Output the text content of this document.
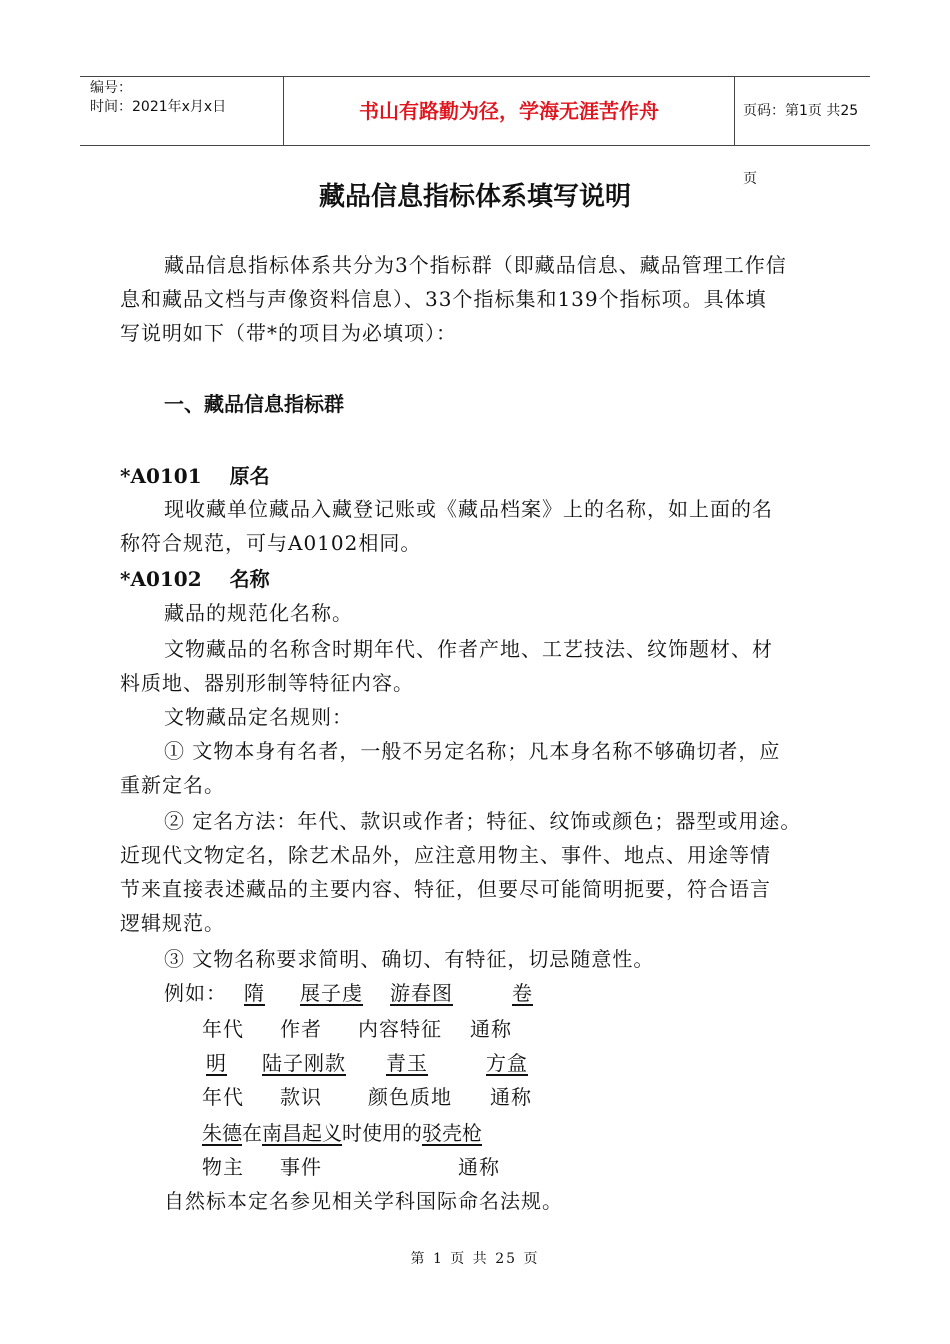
编号：
时间：2021年x月x日	书山有路勤为径，学海无涯苦作舟	页码：第1页 共25页
藏品信息指标体系填写说明
藏品信息指标体系共分为3个指标群（即藏品信息、藏品管理工作信
息和藏品文档与声像资料信息）、33个指标集和139个指标项。具体填
写说明如下（带*的项目为必填项）：
一、藏品信息指标群
*A0101 原名
现收藏单位藏品入藏登记账或《藏品档案》上的名称，如上面的名
称符合规范，可与A0102相同。
*A0102 名称
藏品的规范化名称。
文物藏品的名称含时期年代、作者产地、工艺技法、纹饰题材、材
料质地、器别形制等特征内容。
文物藏品定名规则：
① 文物本身有名者，一般不另定名称；凡本身名称不够确切者，应
重新定名。
② 定名方法：年代、款识或作者；特征、纹饰或颜色；器型或用途。
近现代文物定名，除艺术品外，应注意用物主、事件、地点、用途等情
节来直接表述藏品的主要内容、特征，但要尽可能简明扼要，符合语言
逻辑规范。
③ 文物名称要求简明、确切、有特征，切忌随意性。
例如： 隋 展子虔 游春图	卷
年代 作者 内容特征 通称
明 陆子刚款 青玉	方盒
年代 款识 颜色质地 通称
朱德在南昌起义时使用的驳壳枪
物主 事件	通称
自然标本定名参见相关学科国际命名法规。
第 1 页 共 25 页
